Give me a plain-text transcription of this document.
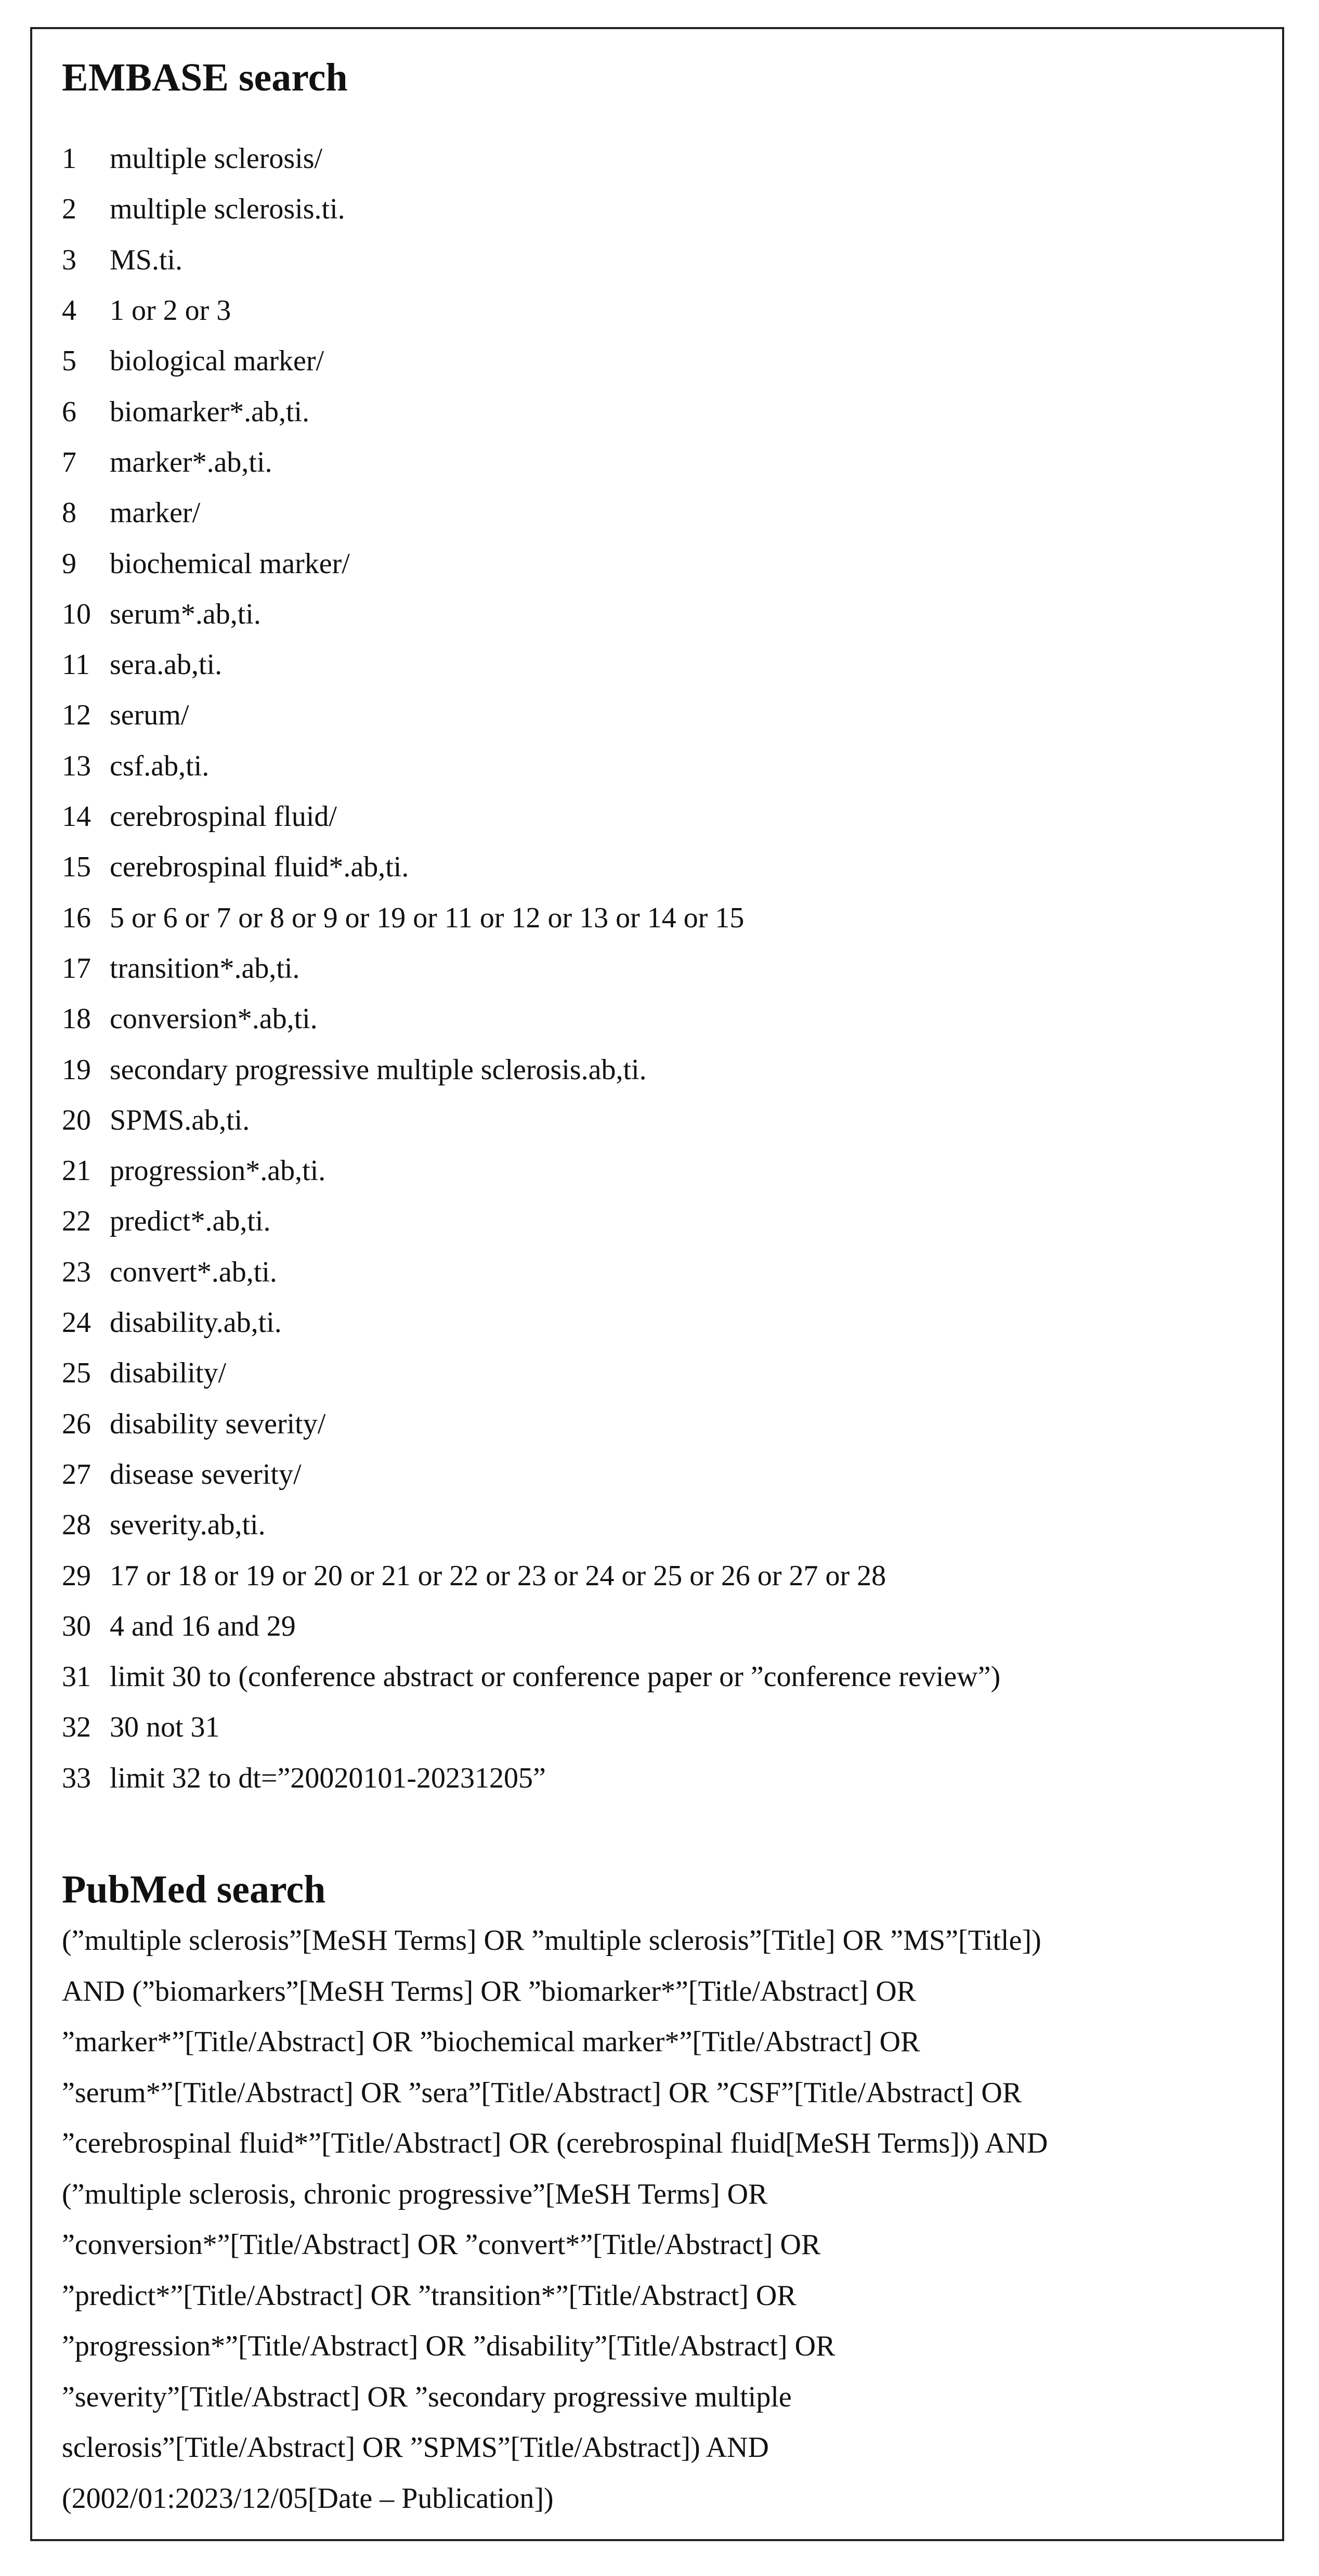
EMBASE search
1	multiple sclerosis/
2	multiple sclerosis.ti.
3	MS.ti.
4	1 or 2 or 3
5	biological marker/
6	biomarker*.ab,ti.
7	marker*.ab,ti.
8	marker/
9	biochemical marker/
10 serum*.ab,ti.
11 sera.ab,ti.
12 serum/
13 csf.ab,ti.
14 cerebrospinal fluid/
15 cerebrospinal fluid*.ab,ti.
16 5 or 6 or 7 or 8 or 9 or 19 or 11 or 12 or 13 or 14 or 15
17 transition*.ab,ti.
18 conversion*.ab,ti.
19 secondary progressive multiple sclerosis.ab,ti.
20 SPMS.ab,ti.
21 progression*.ab,ti.
22 predict*.ab,ti.
23 convert*.ab,ti.
24 disability.ab,ti.
25 disability/
26 disability severity/
27 disease severity/
28 severity.ab,ti.
29 17 or 18 or 19 or 20 or 21 or 22 or 23 or 24 or 25 or 26 or 27 or 28
30 4 and 16 and 29
31 limit 30 to (conference abstract or conference paper or ”conference review”)
32 30 not 31
33 limit 32 to dt=”20020101-20231205”
PubMed search
(”multiple sclerosis”[MeSH Terms] OR ”multiple sclerosis”[Title] OR ”MS”[Title])
AND (”biomarkers”[MeSH Terms] OR ”biomarker*”[Title/Abstract] OR
”marker*”[Title/Abstract] OR ”biochemical marker*”[Title/Abstract] OR
”serum*”[Title/Abstract] OR ”sera”[Title/Abstract] OR ”CSF”[Title/Abstract] OR
”cerebrospinal fluid*”[Title/Abstract] OR (cerebrospinal fluid[MeSH Terms])) AND
(”multiple sclerosis, chronic progressive”[MeSH Terms] OR
”conversion*”[Title/Abstract] OR ”convert*”[Title/Abstract] OR
”predict*”[Title/Abstract] OR ”transition*”[Title/Abstract] OR
”progression*”[Title/Abstract] OR ”disability”[Title/Abstract] OR
”severity”[Title/Abstract] OR ”secondary progressive multiple
sclerosis”[Title/Abstract] OR ”SPMS”[Title/Abstract]) AND
(2002/01:2023/12/05[Date – Publication])
